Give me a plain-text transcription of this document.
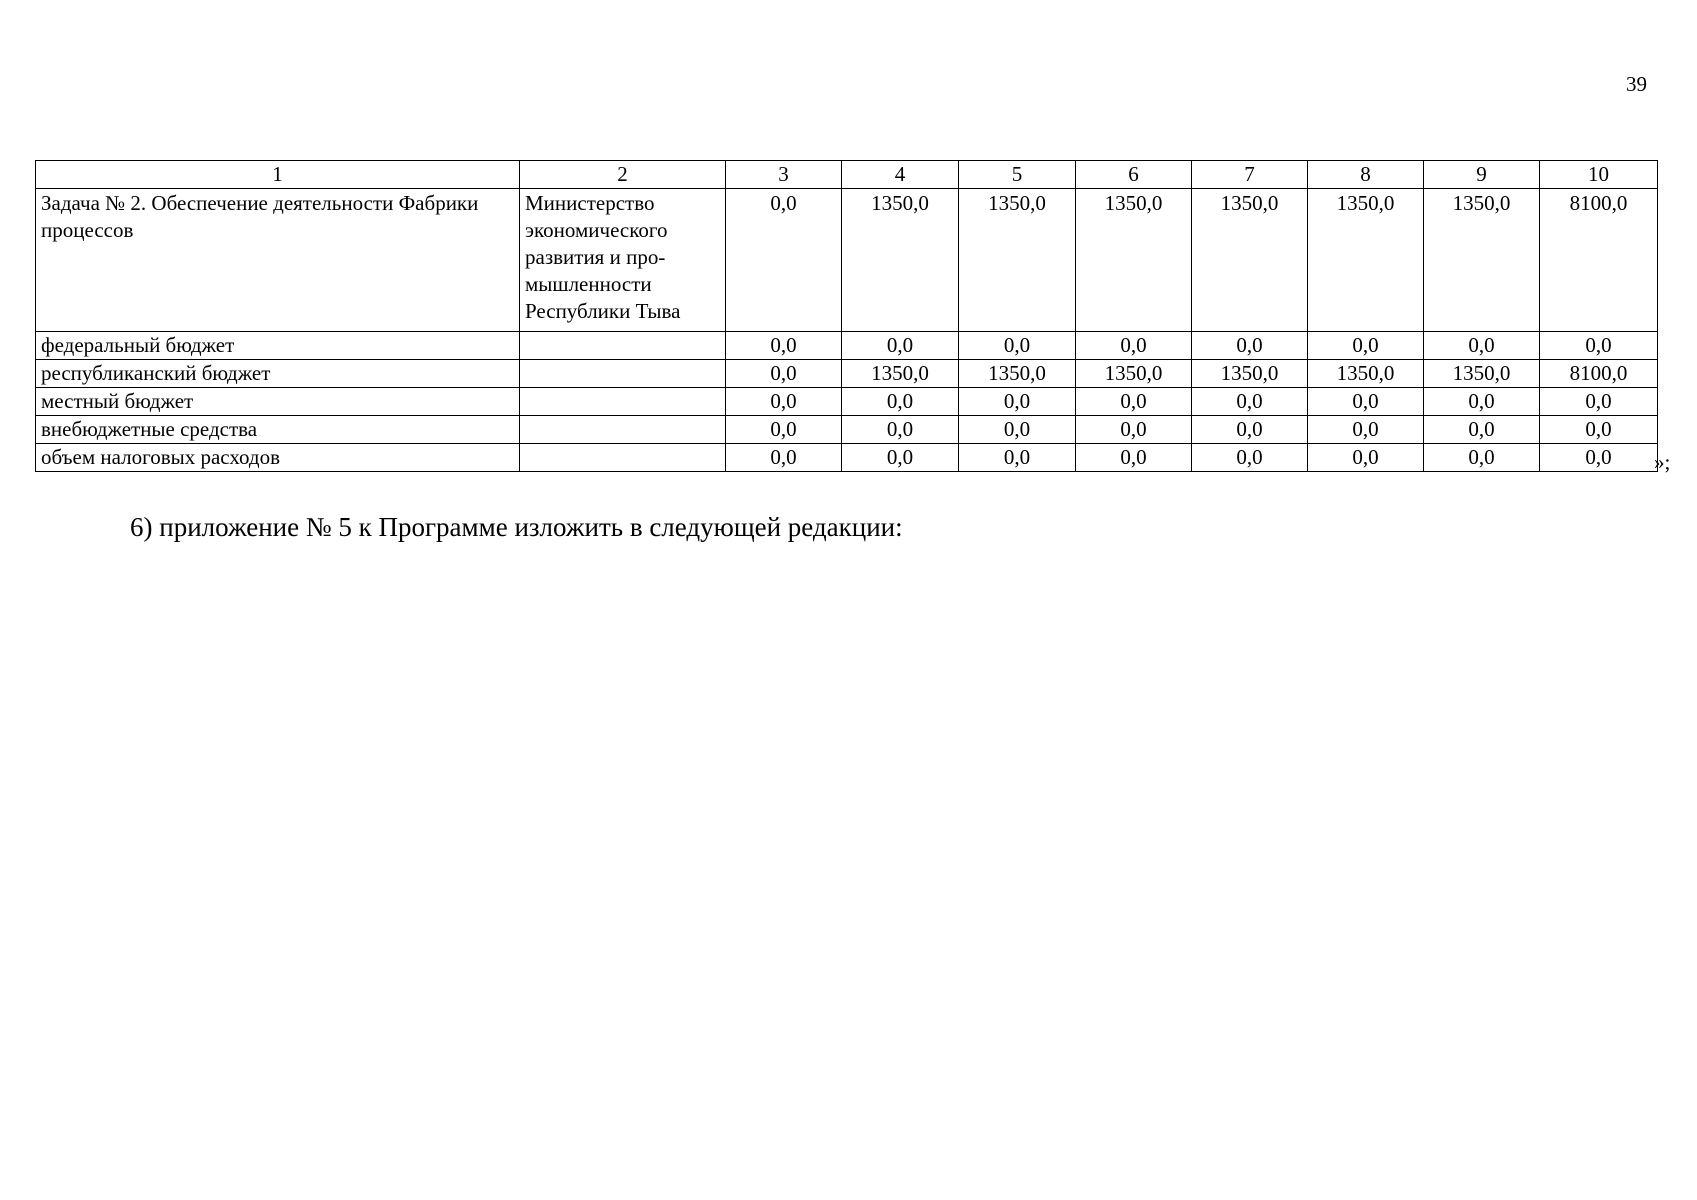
39
1	2	3	4	5	6	7	8	9	10
Задача № 2. Обеспечение деятельности Фабрики процессов	Министерство
экономического
развития и про-
мышленности
Республики Тыва	0,0	1350,0	1350,0	1350,0	1350,0	1350,0	1350,0	8100,0
федеральный бюджет		0,0	0,0	0,0	0,0	0,0	0,0	0,0	0,0
республиканский бюджет		0,0	1350,0	1350,0	1350,0	1350,0	1350,0	1350,0	8100,0
местный бюджет		0,0	0,0	0,0	0,0	0,0	0,0	0,0	0,0
внебюджетные средства		0,0	0,0	0,0	0,0	0,0	0,0	0,0	0,0
объем налоговых расходов		0,0	0,0	0,0	0,0	0,0	0,0	0,0	0,0 »;
6) приложение № 5 к Программе изложить в следующей редакции:
